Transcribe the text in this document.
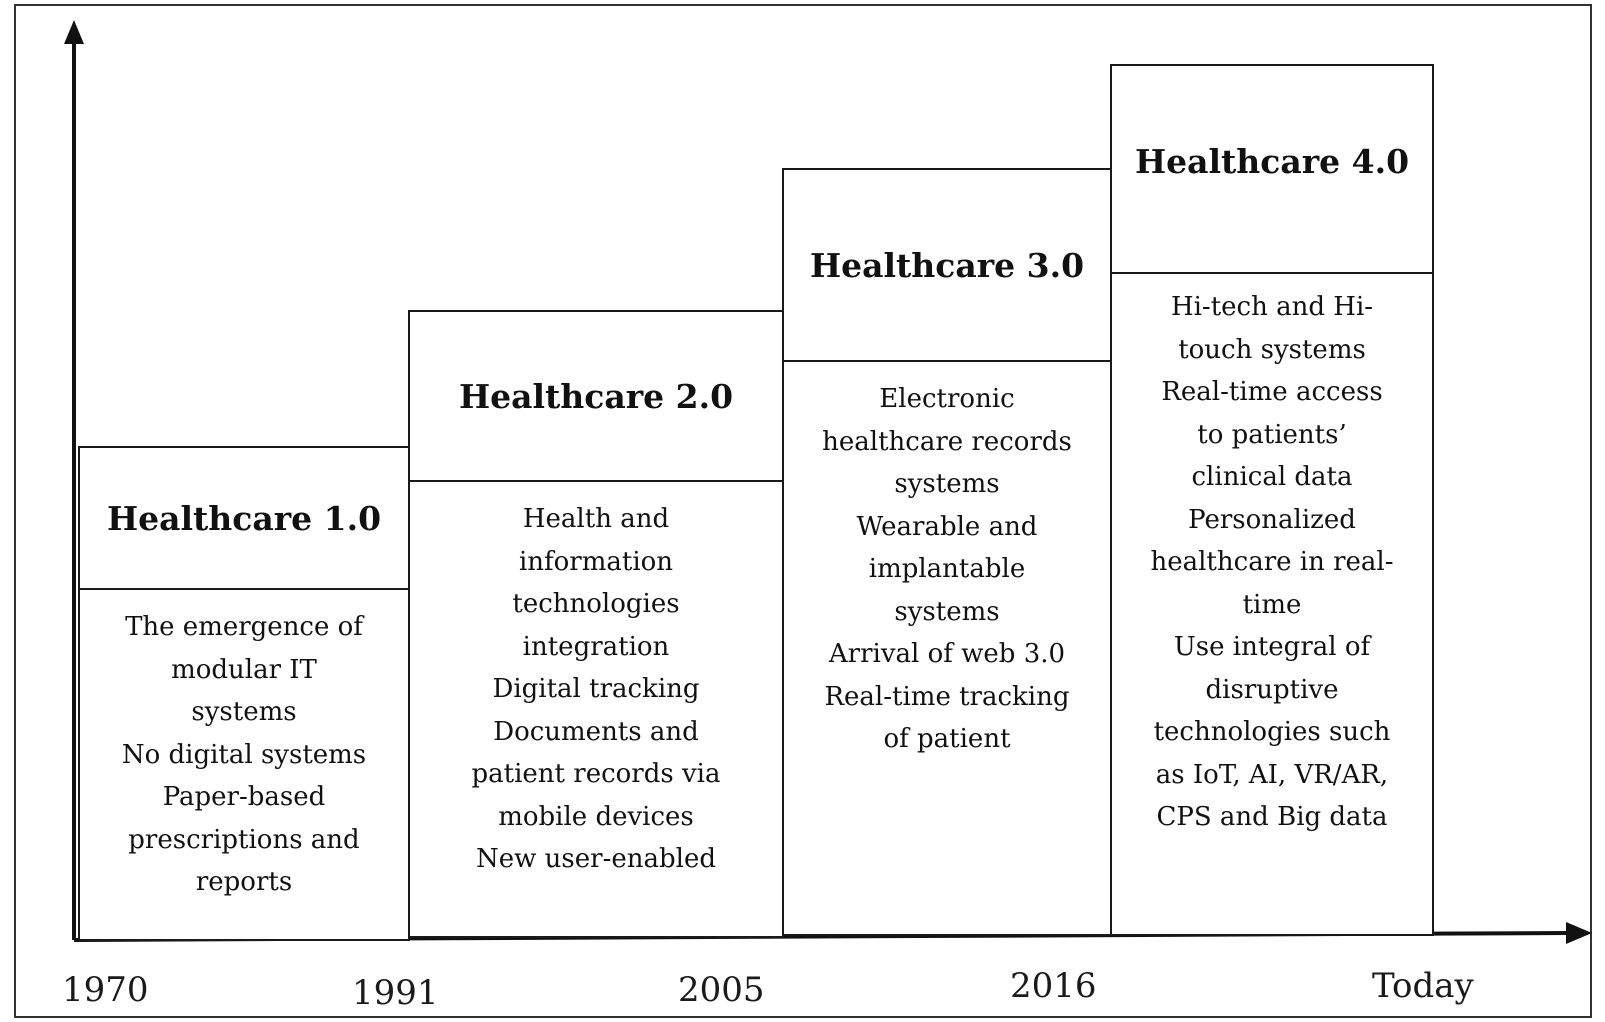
Healthcare 1.0
The emergence of
modular IT
systems
No digital systems
Paper-based
prescriptions and
reports
Healthcare 2.0
Health and
information
technologies
integration
Digital tracking
Documents and
patient records via
mobile devices
New user-enabled
Healthcare 3.0
Electronic
healthcare records
systems
Wearable and
implantable
systems
Arrival of web 3.0
Real-time tracking
of patient
Healthcare 4.0
Hi-tech and Hi-
touch systems
Real-time access
to patients’
clinical data
Personalized
healthcare in real-
time
Use integral of
disruptive
technologies such
as IoT, AI, VR/AR,
CPS and Big data
1970	1991	2005	2016	Today
